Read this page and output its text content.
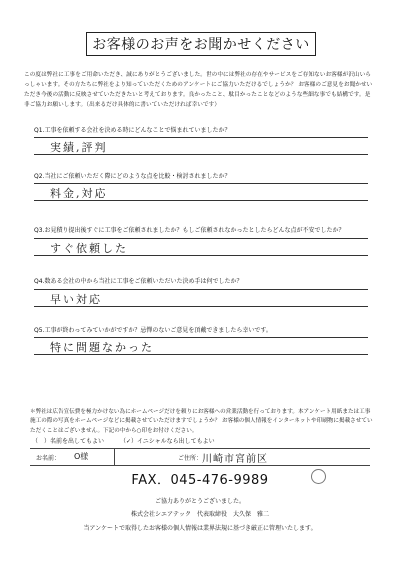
お客様のお声をお聞かせください
この度は弊社に工事をご用命いただき、誠にありがとうございました。世の中には弊社の存在やサービスをご存知ないお客様が沢山いらっしゃいます。その方たちに弊社をより知っていただくためのアンケートにご協力いただけるでしょうか？ お客様のご意見をお聞かせいただき今後の活動に反映させていただきたいと考えております。良かったこと、駄目かったことなどのような些細な事でも結構です。是非ご協力お願いします。（出来るだけ具体的に書いていただければ幸いです）
Q1.工事を依頼する会社を決める時にどんなことで悩まれていましたか？
実績,評判
Q2.当社にご依頼いただく際にどのような点を比較・検討されましたか？
料金,対応
Q3.お見積り提出後すぐに工事をご依頼されましたか？もしご依頼されなかったとしたらどんな点が不安でしたか？
すぐ依頼した
Q4.数ある会社の中から当社に工事をご依頼いただいた決め手は何でしたか？
早い対応
Q5.工事が終わってみていかがですか？忌憚のないご意見を頂戴できましたら幸いです。
特に問題なかった
＊弊社は広告宣伝費を極力かけない為にホームページだけを頼りにお客様への営業活動を行っております。本アンケート用紙または工事施工の際の写真をホームページなどに掲載させていただけますでしょうか？ お客様の個人情報をインターネットや印刷物に掲載させていただくことはございません。下記の中から○印をお付けください。
（　）名前を出してもよい	（✓）イニシャルなら出してもよい
お名前： O様	ご住所： 川崎市宮前区
FAX．045-476-9989
ご協力ありがとうございました。
株式会社シエアテック　代表取締役　大久保　雅二
当アンケートで取得したお客様の個人情報は業界法規に基づき厳正に管理いたします。
